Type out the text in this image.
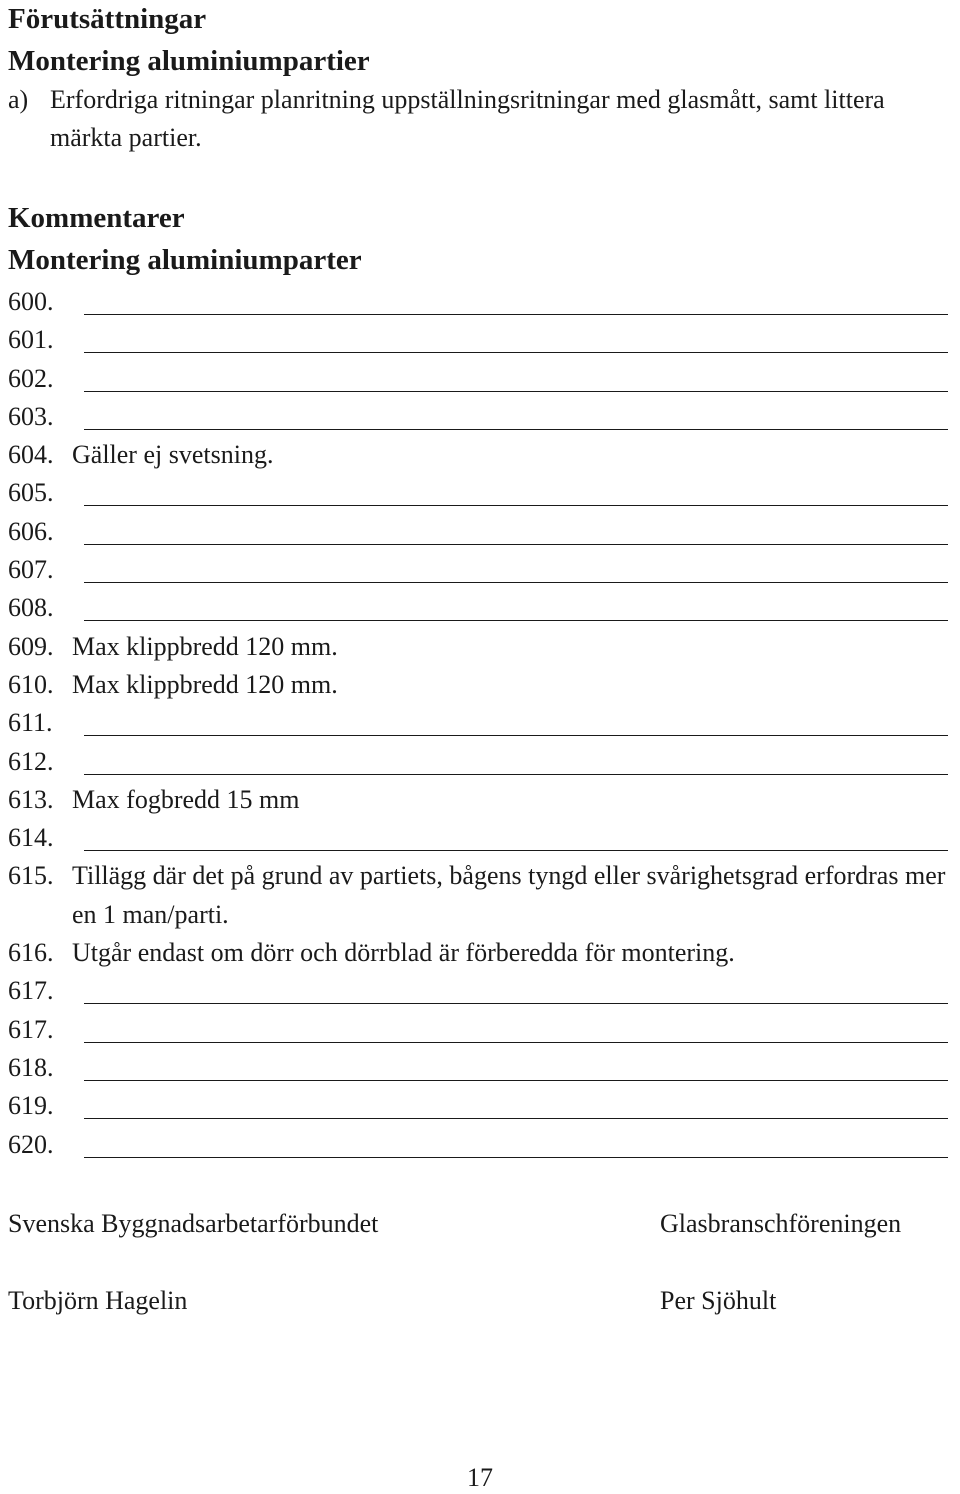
Förutsättningar
Montering aluminiumpartier
a) Erfordriga ritningar planritning uppställningsritningar med glasmått, samt littera märkta partier.
Kommentarer
Montering aluminiumparter
600.
601.
602.
603.
604. Gäller ej svetsning.
605.
606.
607.
608.
609. Max klippbredd 120 mm.
610. Max klippbredd 120 mm.
611.
612.
613. Max fogbredd 15 mm
614.
615. Tillägg där det på grund av partiets, bågens tyngd eller svårighetsgrad erfordras mer en 1 man/parti.
616. Utgår endast om dörr och dörrblad är förberedda för montering.
617.
617.
618.
619.
620.
Svenska Byggnadsarbetarförbundet	Glasbranschföreningen
Torbjörn Hagelin	Per Sjöhult
17
